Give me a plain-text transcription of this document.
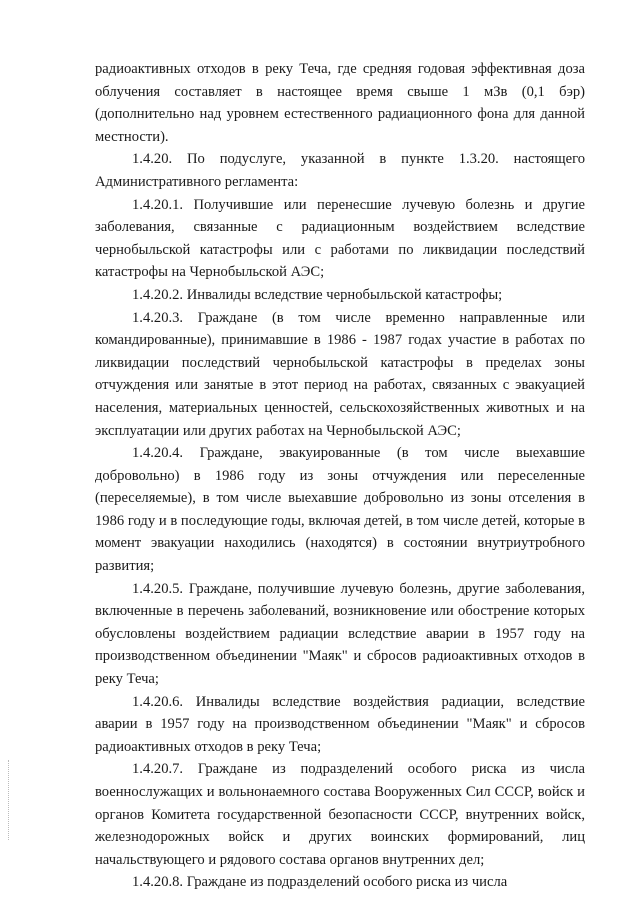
радиоактивных отходов в реку Теча, где средняя годовая эффективная доза облучения составляет в настоящее время свыше 1 мЗв (0,1 бэр) (дополнительно над уровнем естественного радиационного фона для данной местности).

1.4.20. По подуслуге, указанной в пункте 1.3.20. настоящего Административного регламента:

1.4.20.1. Получившие или перенесшие лучевую болезнь и другие заболевания, связанные с радиационным воздействием вследствие чернобыльской катастрофы или с работами по ликвидации последствий катастрофы на Чернобыльской АЭС;

1.4.20.2. Инвалиды вследствие чернобыльской катастрофы;

1.4.20.3. Граждане (в том числе временно направленные или командированные), принимавшие в 1986 - 1987 годах участие в работах по ликвидации последствий чернобыльской катастрофы в пределах зоны отчуждения или занятые в этот период на работах, связанных с эвакуацией населения, материальных ценностей, сельскохозяйственных животных и на эксплуатации или других работах на Чернобыльской АЭС;

1.4.20.4. Граждане, эвакуированные (в том числе выехавшие добровольно) в 1986 году из зоны отчуждения или переселенные (переселяемые), в том числе выехавшие добровольно из зоны отселения в 1986 году и в последующие годы, включая детей, в том числе детей, которые в момент эвакуации находились (находятся) в состоянии внутриутробного развития;

1.4.20.5. Граждане, получившие лучевую болезнь, другие заболевания, включенные в перечень заболеваний, возникновение или обострение которых обусловлены воздействием радиации вследствие аварии в 1957 году на производственном объединении "Маяк" и сбросов радиоактивных отходов в реку Теча;

1.4.20.6. Инвалиды вследствие воздействия радиации, вследствие аварии в 1957 году на производственном объединении "Маяк" и сбросов радиоактивных отходов в реку Теча;

1.4.20.7. Граждане из подразделений особого риска из числа военнослужащих и вольнонаемного состава Вооруженных Сил СССР, войск и органов Комитета государственной безопасности СССР, внутренних войск, железнодорожных войск и других воинских формирований, лиц начальствующего и рядового состава органов внутренних дел;

1.4.20.8. Граждане из подразделений особого риска из числа
